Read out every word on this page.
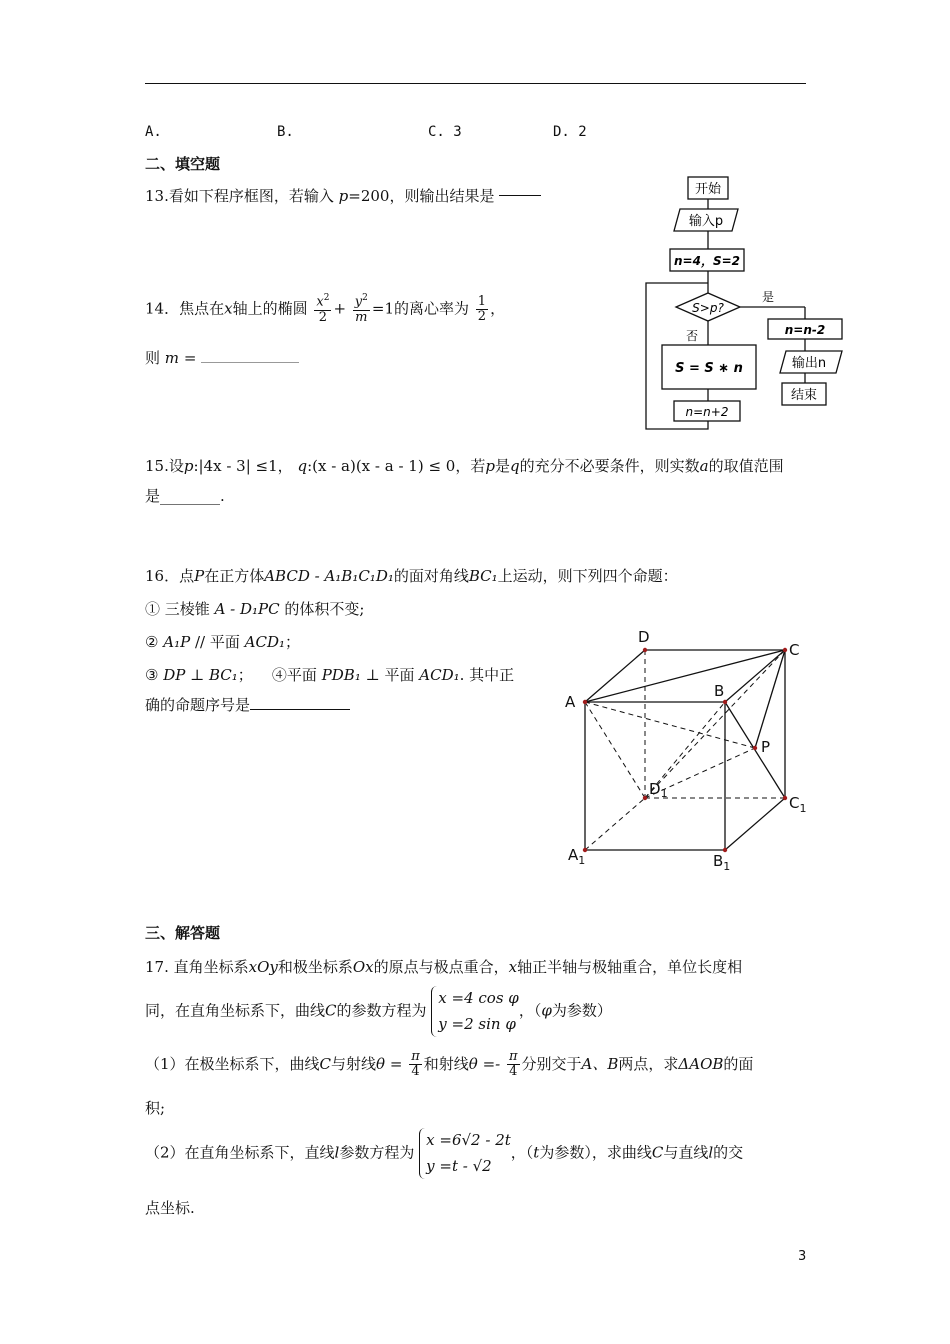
A.	B.	C. 3	D. 2
二、填空题
13.看如下程序框图，若输入 p=200，则输出结果是
14．焦点在x轴上的椭圆 $\frac{x^2}{2} + \frac{y^2}{m} =1$的离心率为 $\frac{1}{2}$ ，
则 m =
开始
输入p
n=4，S=2
S>p?
是
否	n=n-2
输出n
结束
S = S ∗ n
n=n+2
15.设p:|4x - 3| ≤1， q:(x - a)(x - a - 1) ≤ 0，若p是q的充分不必要条件，则实数a的取值范围
是________.
16．点P在正方体ABCD - A₁B₁C₁D₁的面对角线BC₁上运动，则下列四个命题：
① 三棱锥 A - D₁PC 的体积不变;
② A₁P // 平面 ACD₁；
③ DP ⊥ BC₁； ④平面 PDB₁ ⊥ 平面 ACD₁. 其中正
确的命题序号是
D
C
A
B
P
$D_1$
$C_1$
$A_1$	$B_1$
三、解答题
17. 直角坐标系xOy和极坐标系Ox的原点与极点重合，x轴正半轴与极轴重合，单位长度相
同，在直角坐标系下，曲线C的参数方程为 x =4 cos φ
y =2 sin φ，（φ为参数）
（1）在极坐标系下，曲线C与射线$\theta = \frac{\pi}{4}$ 和射线$\theta =- \frac{\pi}{4}$ 分别交于A、B两点，求ΔAOB的面
积;
（2）在直角坐标系下，直线l参数方程为 x =6√2 - 2t
y =t - √2，（t为参数），求曲线C与直线l的交
点坐标.
3
